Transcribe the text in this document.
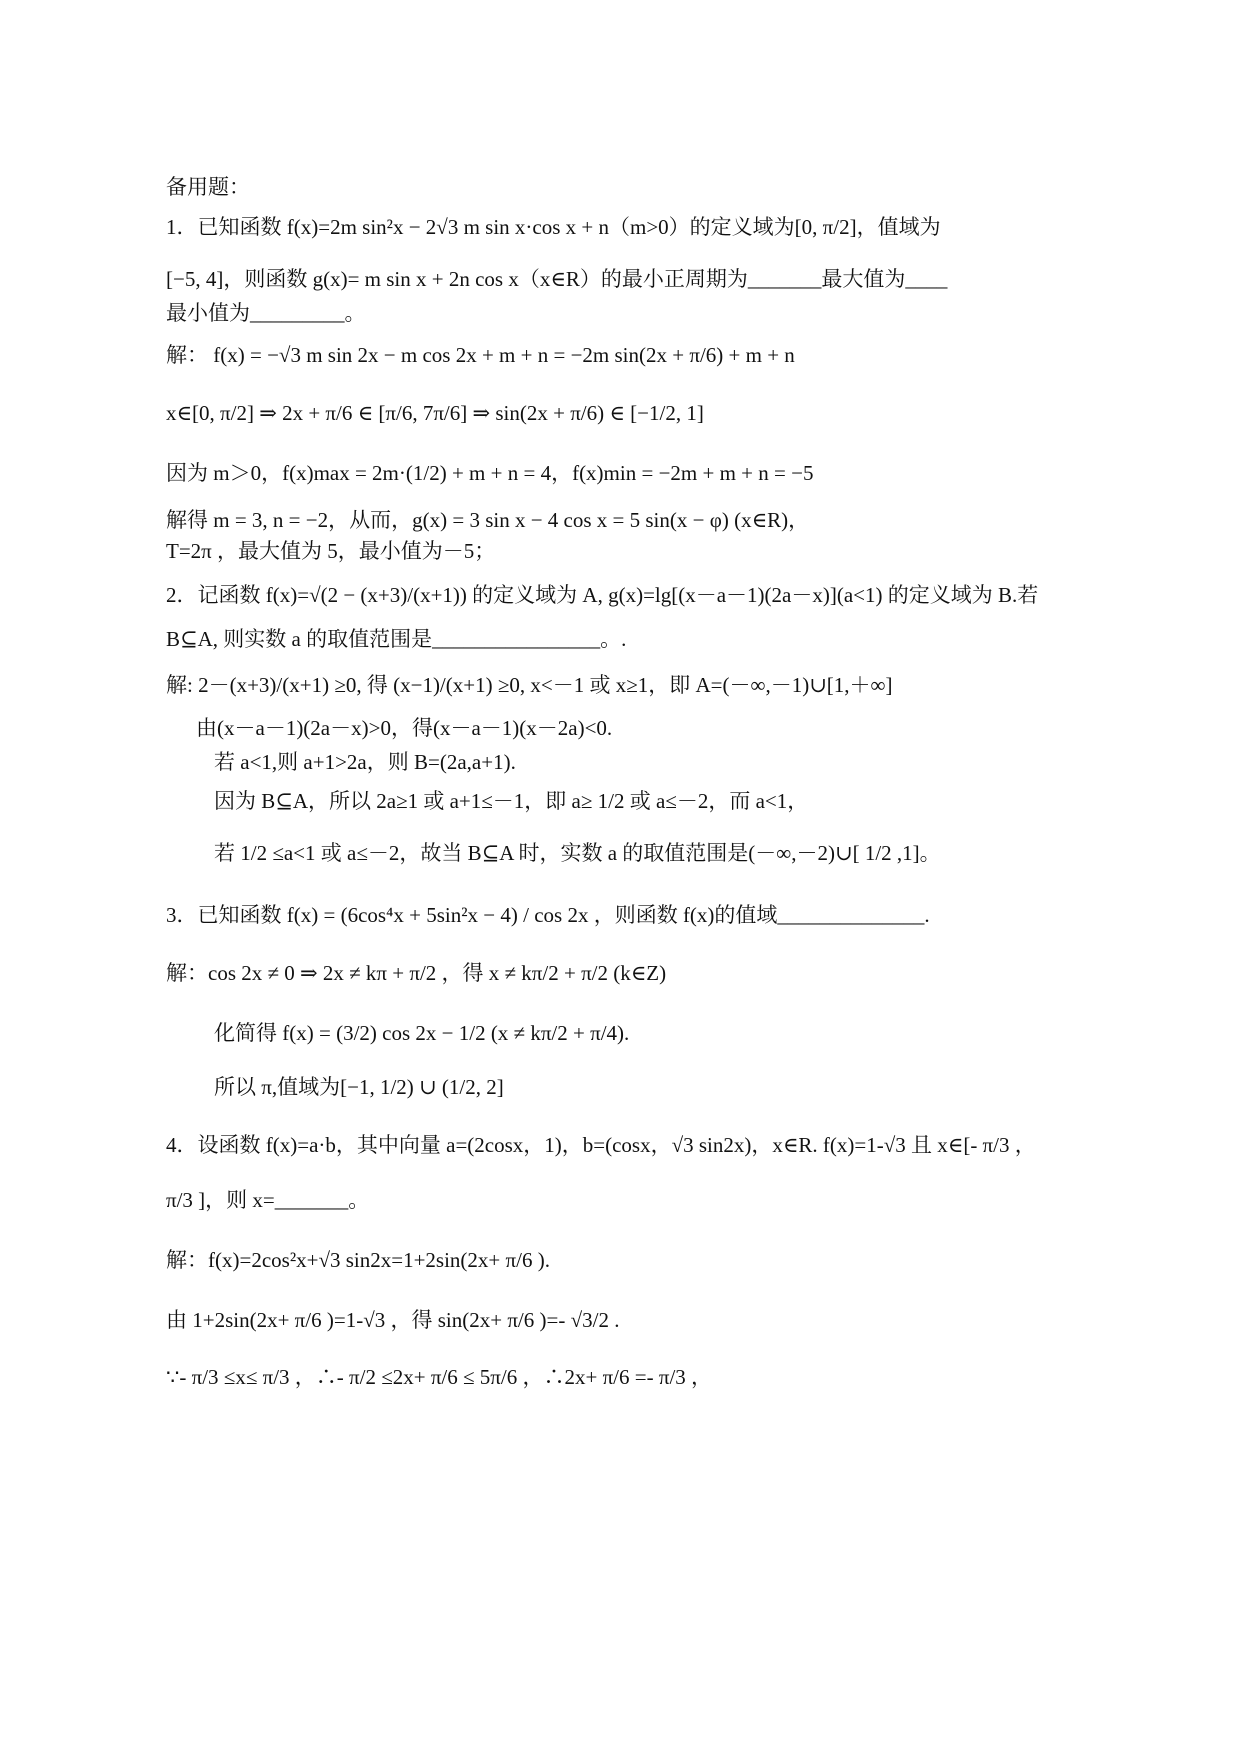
备用题：
1．已知函数 f(x)=2m sin²x − 2√3 m sin x·cos x + n（m>0）的定义域为[0, π/2]，值域为
[−5, 4]，则函数 g(x)= m sin x + 2n cos x（x∈R）的最小正周期为_______最大值为____
最小值为_________。
解： f(x) = −√3 m sin 2x − m cos 2x + m + n = −2m sin(2x + π/6) + m + n
x∈[0, π/2] ⇒ 2x + π/6 ∈ [π/6, 7π/6] ⇒ sin(2x + π/6) ∈ [−1/2, 1]
因为 m＞0，f(x)max = 2m·(1/2) + m + n = 4，f(x)min = −2m + m + n = −5
解得 m = 3, n = −2，从而，g(x) = 3 sin x − 4 cos x = 5 sin(x − φ) (x∈R)，
T=2π ，最大值为 5，最小值为－5；
2．记函数 f(x)=√(2 − (x+3)/(x+1)) 的定义域为 A, g(x)=lg[(x－a－1)(2a－x)](a<1) 的定义域为 B.若
B⊆A, 则实数 a 的取值范围是________________。.
解: 2－(x+3)/(x+1) ≥0, 得 (x−1)/(x+1) ≥0, x<－1 或 x≥1，即 A=(－∞,－1)∪[1,＋∞]
由(x－a－1)(2a－x)>0，得(x－a－1)(x－2a)<0.
若 a<1,则 a+1>2a，则 B=(2a,a+1).
因为 B⊆A，所以 2a≥1 或 a+1≤－1，即 a≥ 1/2 或 a≤－2，而 a<1，
若 1/2 ≤a<1 或 a≤－2，故当 B⊆A 时，实数 a 的取值范围是(－∞,－2)∪[ 1/2 ,1]。
3．已知函数 f(x) = (6cos⁴x + 5sin²x − 4) / cos 2x ，则函数 f(x)的值域______________.
解：cos 2x ≠ 0 ⇒ 2x ≠ kπ + π/2 ，得 x ≠ kπ/2 + π/2 (k∈Z)
化简得 f(x) = (3/2) cos 2x − 1/2 (x ≠ kπ/2 + π/4).
所以 π,值域为[−1, 1/2) ∪ (1/2, 2]
4．设函数 f(x)=a·b，其中向量 a=(2cosx，1)，b=(cosx，√3 sin2x)，x∈R. f(x)=1-√3 且 x∈[- π/3 ，
π/3 ]，则 x=_______。
解：f(x)=2cos²x+√3 sin2x=1+2sin(2x+ π/6 ).
由 1+2sin(2x+ π/6 )=1-√3 ，得 sin(2x+ π/6 )=- √3/2 .
∵- π/3 ≤x≤ π/3 ，∴- π/2 ≤2x+ π/6 ≤ 5π/6 ，∴2x+ π/6 =- π/3 ，
